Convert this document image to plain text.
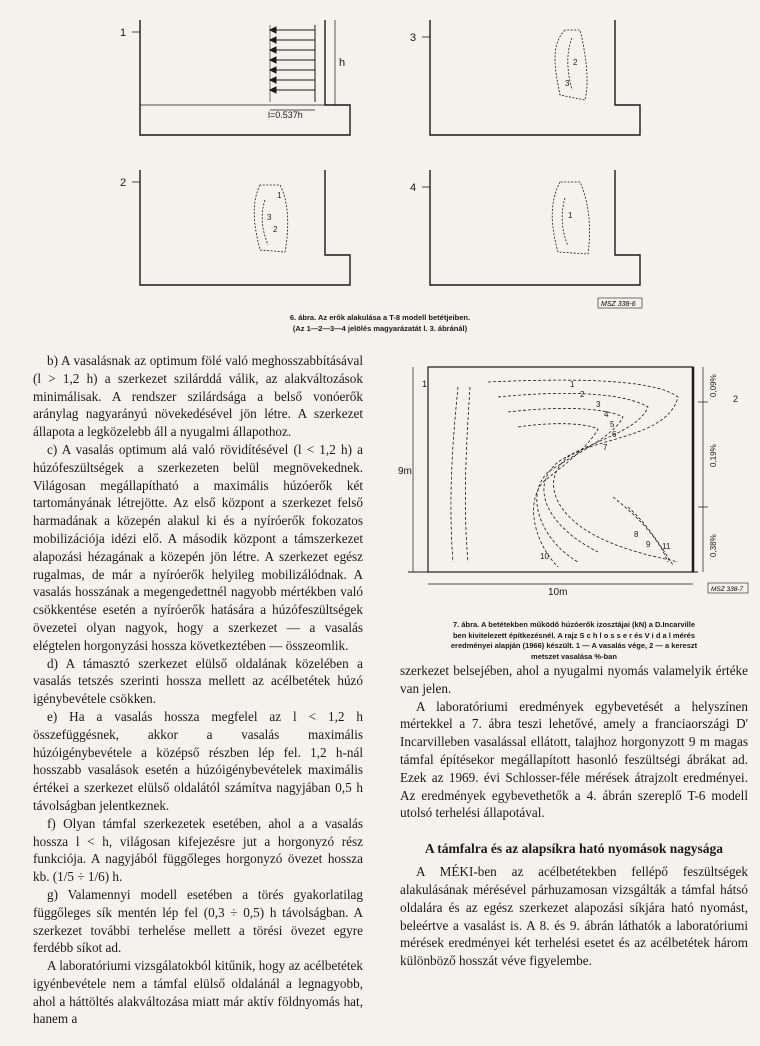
1
2
3
4
h
l=0.537h
2
3
1
3
2
1
MSZ 338-6
6. ábra. Az erők alakulása a T-8 modell betétjeiben.
(Az 1—2—3—4 jelölés magyarázatát l. 3. ábránál)

b) A vasalásnak az optimum fölé való meghosszabbításával (l > 1,2 h) a szerkezet szilárddá válik, az alakváltozások minimálisak. A rendszer szilárdsága a belső vonóerők aránylag nagyarányú növekedésével jön létre. A szerkezet állapota a legközelebb áll a nyugalmi állapothoz.

c) A vasalás optimum alá való rövidítésével (l < 1,2 h) a húzófeszültségek a szerkezeten belül megnövekednek. Világosan megállapítható a maximális húzóerők két tartományának létrejötte. Az első központ a szerkezet felső harmadának a közepén alakul ki és a nyíróerők fokozatos mobilizációja idézi elő. A második központ a támszerkezet alapozási hézagának a közepén jön létre. A szerkezet egész rugalmas, de már a nyíróerők helyileg mobilizálódnak. A vasalás hosszának a megengedettnél nagyobb mértékben való csökkentése esetén a nyíróerők hatására a húzófeszültségek övezetei olyan nagyok, hogy a szerkezet — a vasalás elégtelen horgonyzási hossza következtében — összeomlik.

d) A támasztó szerkezet elülső oldalának közelében a vasalás tetszés szerinti hossza mellett az acélbetétek húzó igénybevétele csökken.

e) Ha a vasalás hossza megfelel az l < 1,2 h összefüggésnek, akkor a vasalás maximális húzóigénybevétele a középső részben lép fel. 1,2 h-nál hosszabb vasalások esetén a húzóigénybevételek maximális értékei a szerkezet elülső oldalától számítva nagyjában 0,5 h távolságban jelentkeznek.

f) Olyan támfal szerkezetek esetében, ahol a a vasalás hossza l < h, világosan kifejezésre jut a horgonyzó rész funkciója. A nagyjából függőleges horgonyzó övezet hossza kb. (1/5 ÷ 1/6) h.

g) Valamennyi modell esetében a törés gyakorlatilag függőleges sík mentén lép fel (0,3 ÷ 0,5) h távolságban. A szerkezet további terhelése mellett a törési övezet egyre ferdébb síkot ad.

A laboratóriumi vizsgálatokból kitűnik, hogy az acélbetétek igyénbevétele nem a támfal elülső oldalánál a legnagyobb, ahol a háttöltés alakváltozása miatt már aktív földnyomás hat, hanem a

9m
10m
0,09%
0,19%
0,38%
1
2
1
2
3
4
5
6
7
8
9
10
11
MSZ 338-7
7. ábra. A betétekben működő húzóerők izosztájai (kN) a D.Incarville
ben kivitelezett építkezésnél. A rajz S c h l o s s e r és V i d a l mérés
eredményei alapján (1966) készült. 1 — A vasalás vége, 2 — a kereszt
metszet vasalása %-ban

szerkezet belsejében, ahol a nyugalmi nyomás valamelyik értéke van jelen.

A laboratóriumi eredmények egybevetését a helyszínen mértekkel a 7. ábra teszi lehetővé, amely a franciaországi D' Incarvilleben vasalással ellátott, talajhoz horgonyzott 9 m magas támfal építésekor megállapított hasonló feszültségi ábrákat ad. Ezek az 1969. évi Schlosser-féle mérések átrajzolt eredményei. Az eredmények egybevethetők a 4. ábrán szereplő T-6 modell utolsó terhelési állapotával.

A támfalra és az alapsíkra ható nyomások nagysága

A MÉKI-ben az acélbetétekben fellépő feszültségek alakulásának mérésével párhuzamosan vizsgálták a támfal hátsó oldalára és az egész szerkezet alapozási síkjára ható nyomást, beleértve a vasalást is. A 8. és 9. ábrán láthatók a laboratóriumi mérések eredményei két terhelési esetet és az acélbetétek három különböző hosszát véve figyelembe.
